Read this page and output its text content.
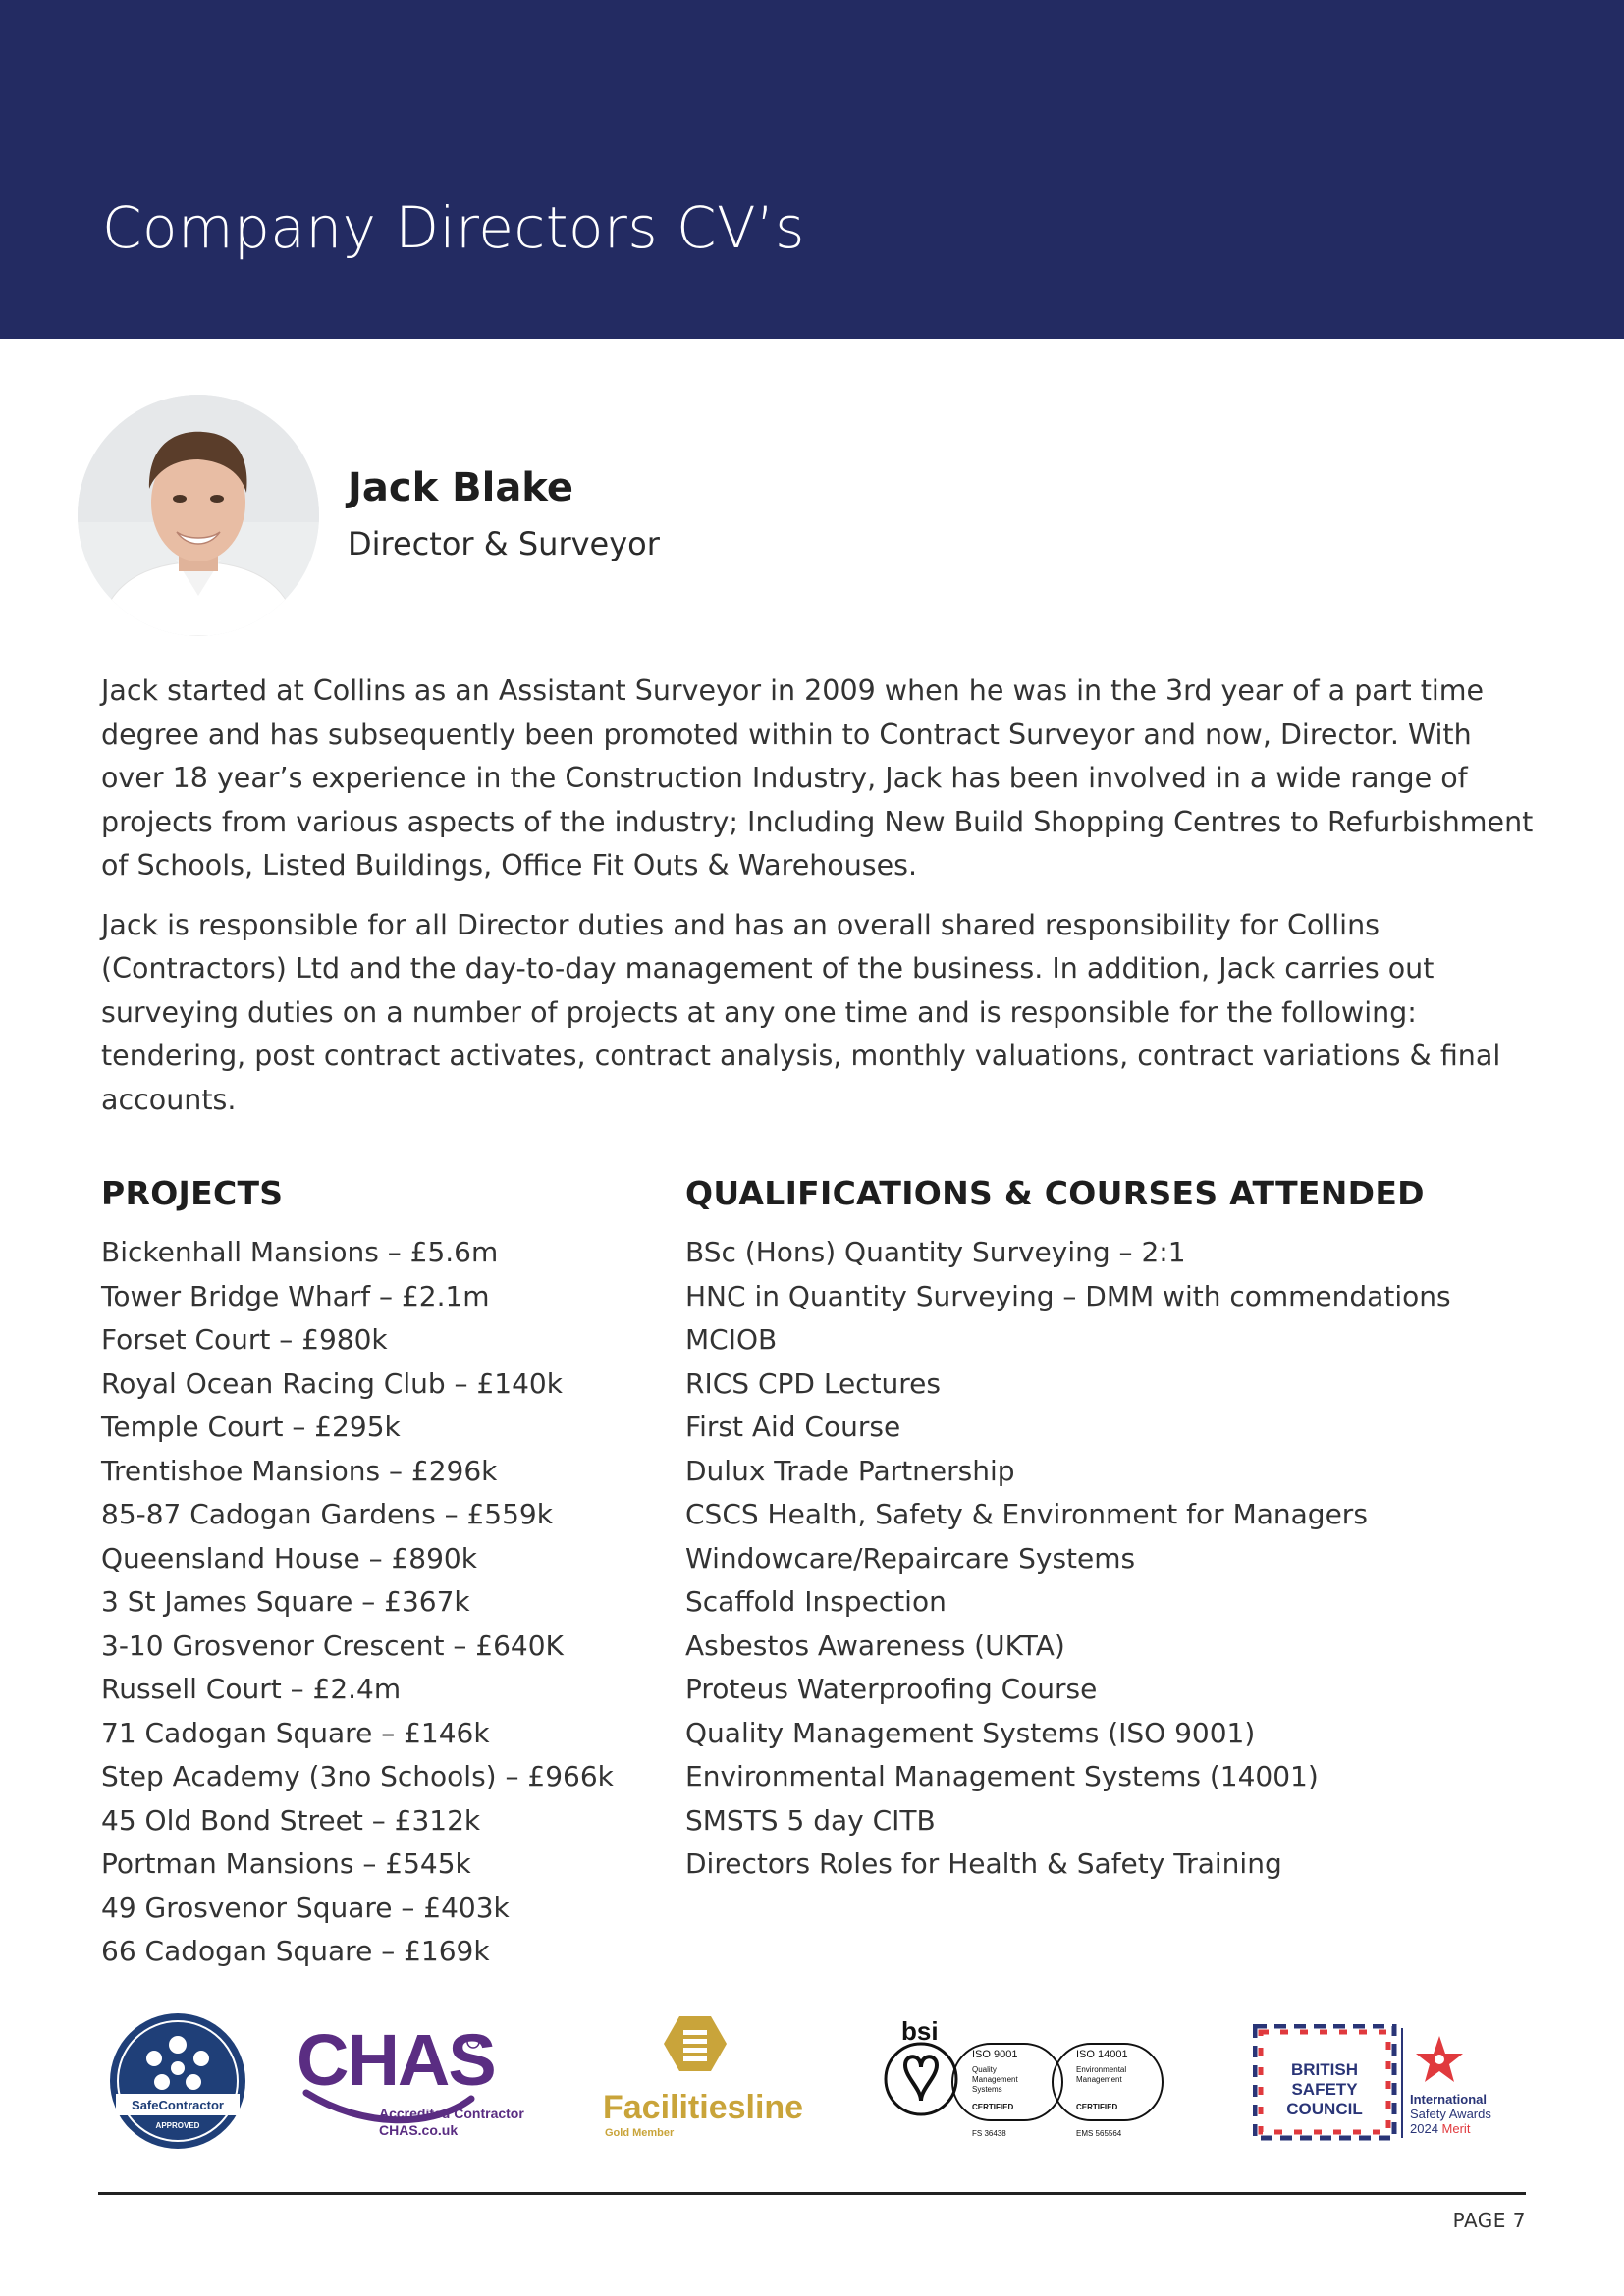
Company Directors CV’s
Jack Blake

Director & Surveyor

Jack started at Collins as an Assistant Surveyor in 2009 when he was in the 3rd year of a part time degree and has subsequently been promoted within to Contract Surveyor and now, Director. With over 18 year’s experience in the Construction Industry, Jack has been involved in a wide range of projects from various aspects of the industry; Including New Build Shopping Centres to Refurbishment of Schools, Listed Buildings, Office Fit Outs & Warehouses.

Jack is responsible for all Director duties and has an overall shared responsibility for Collins (Contractors) Ltd and the day-to-day management of the business. In addition, Jack carries out surveying duties on a number of projects at any one time and is responsible for the following: tendering, post contract activates, contract analysis, monthly valuations, contract variations & final accounts.

PROJECTS
Bickenhall Mansions – £5.6m
Tower Bridge Wharf – £2.1m
Forset Court – £980k
Royal Ocean Racing Club – £140k
Temple Court – £295k
Trentishoe Mansions – £296k
85-87 Cadogan Gardens – £559k
Queensland House – £890k
3 St James Square – £367k
3-10 Grosvenor Crescent – £640K
Russell Court – £2.4m
71 Cadogan Square – £146k
Step Academy (3no Schools) – £966k
45 Old Bond Street – £312k
Portman Mansions – £545k
49 Grosvenor Square – £403k
66 Cadogan Square – £169k
QUALIFICATIONS & COURSES ATTENDED
BSc (Hons) Quantity Surveying – 2:1
HNC in Quantity Surveying – DMM with commendations
MCIOB
RICS CPD Lectures
First Aid Course
Dulux Trade Partnership
CSCS Health, Safety & Environment for Managers
Windowcare/Repaircare Systems
Scaffold Inspection
Asbestos Awareness (UKTA)
Proteus Waterproofing Course
Quality Management Systems (ISO 9001)
Environmental Management Systems (14001)
SMSTS 5 day CITB
Directors Roles for Health & Safety Training
SafeContractor
APPROVED
CHAS
Accredited Contractor
CHAS.co.uk
Facilitiesline
Gold Member
bsi
ISO 9001
Quality
Management
Systems
CERTIFIED
ISO 14001
Environmental
Management
CERTIFIED
FS 36438	EMS 565564
BRITISH
SAFETY
COUNCIL
International
Safety Awards
2024 Merit
PAGE 7
